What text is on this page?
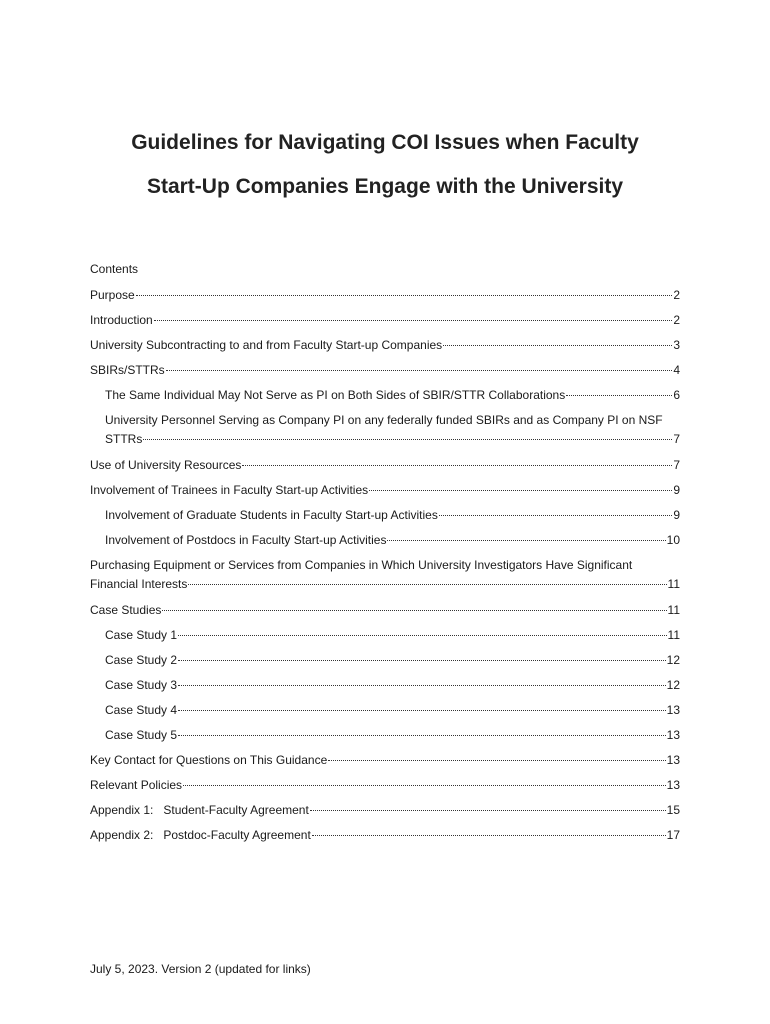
Guidelines for Navigating COI Issues when Faculty
Start-Up Companies Engage with the University
Contents
Purpose	2
Introduction	2
University Subcontracting to and from Faculty Start-up Companies	3
SBIRs/STTRs	4
The Same Individual May Not Serve as PI on Both Sides of SBIR/STTR Collaborations	6
University Personnel Serving as Company PI on any federally funded SBIRs and as Company PI on NSF
STTRs	7
Use of University Resources	7
Involvement of Trainees in Faculty Start-up Activities	9
Involvement of Graduate Students in Faculty Start-up Activities	9
Involvement of Postdocs in Faculty Start-up Activities	10
Purchasing Equipment or Services from Companies in Which University Investigators Have Significant
Financial Interests	11
Case Studies	11
Case Study 1	11
Case Study 2	12
Case Study 3	12
Case Study 4	13
Case Study 5	13
Key Contact for Questions on This Guidance	13
Relevant Policies	13
Appendix 1:   Student-Faculty Agreement	15
Appendix 2:   Postdoc-Faculty Agreement	17
July 5, 2023. Version 2 (updated for links)
